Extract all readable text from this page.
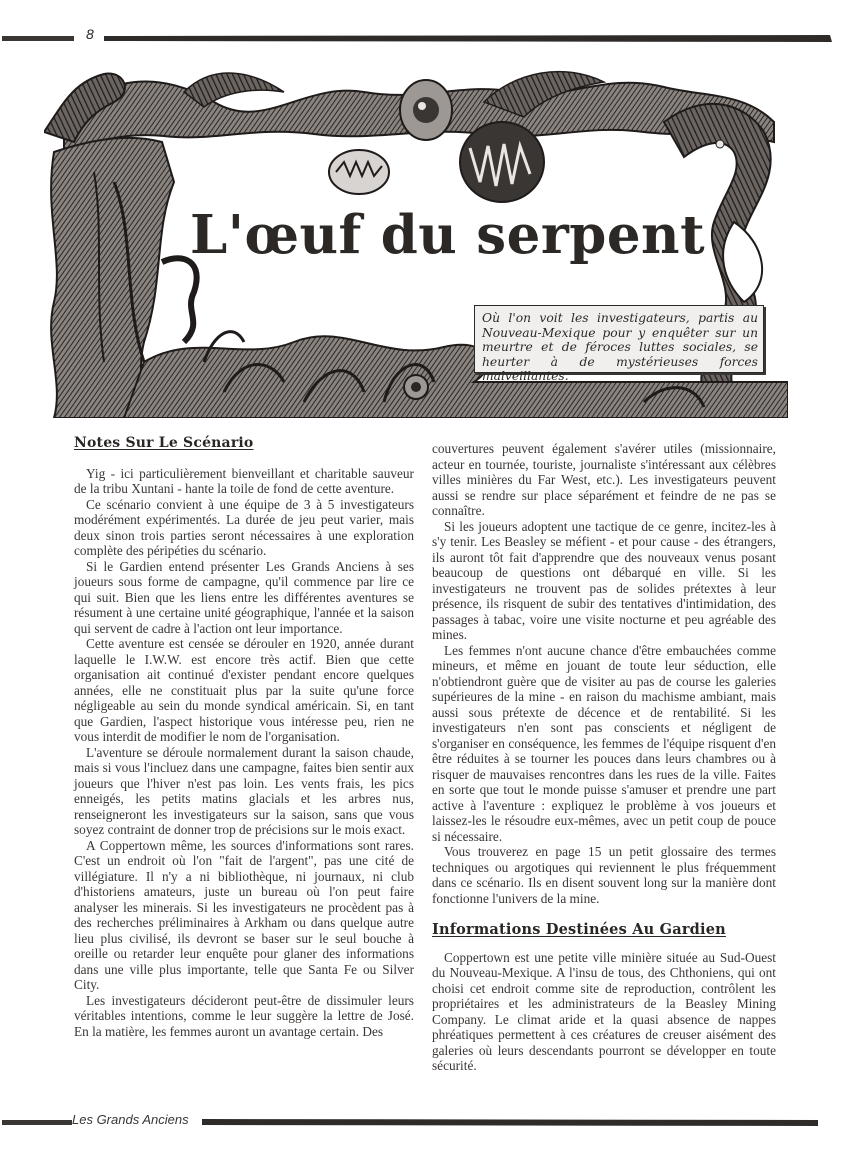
8
L'œuf du serpent
Où l'on voit les investigateurs, partis au Nouveau-Mexique pour y enquêter sur un meurtre et de féroces luttes sociales, se heurter à de mystérieuses forces malveillantes.
Notes Sur Le Scénario

Yig - ici particulièrement bienveillant et charitable sauveur de la tribu Xuntani - hante la toile de fond de cette aventure.

Ce scénario convient à une équipe de 3 à 5 investigateurs modérément expérimentés. La durée de jeu peut varier, mais deux sinon trois parties seront nécessaires à une exploration complète des péripéties du scénario.

Si le Gardien entend présenter Les Grands Anciens à ses joueurs sous forme de campagne, qu'il commence par lire ce qui suit. Bien que les liens entre les différentes aventures se résument à une certaine unité géographique, l'année et la saison qui servent de cadre à l'action ont leur importance.

Cette aventure est censée se dérouler en 1920, année durant laquelle le I.W.W. est encore très actif. Bien que cette organisation ait continué d'exister pendant encore quelques années, elle ne constituait plus par la suite qu'une force négligeable au sein du monde syndical américain. Si, en tant que Gardien, l'aspect historique vous intéresse peu, rien ne vous interdit de modifier le nom de l'organisation.

L'aventure se déroule normalement durant la saison chaude, mais si vous l'incluez dans une campagne, faites bien sentir aux joueurs que l'hiver n'est pas loin. Les vents frais, les pics enneigés, les petits matins glacials et les arbres nus, renseigneront les investigateurs sur la saison, sans que vous soyez contraint de donner trop de précisions sur le mois exact.

A Coppertown même, les sources d'informations sont rares. C'est un endroit où l'on "fait de l'argent", pas une cité de villégiature. Il n'y a ni bibliothèque, ni journaux, ni club d'historiens amateurs, juste un bureau où l'on peut faire analyser les minerais. Si les investigateurs ne procèdent pas à des recherches préliminaires à Arkham ou dans quelque autre lieu plus civilisé, ils devront se baser sur le seul bouche à oreille ou retarder leur enquête pour glaner des informations dans une ville plus importante, telle que Santa Fe ou Silver City.

Les investigateurs décideront peut-être de dissimuler leurs véritables intentions, comme le leur suggère la lettre de José. En la matière, les femmes auront un avantage certain. Des

couvertures peuvent également s'avérer utiles (missionnaire, acteur en tournée, touriste, journaliste s'intéressant aux célèbres villes minières du Far West, etc.). Les investigateurs peuvent aussi se rendre sur place séparément et feindre de ne pas se connaître.

Si les joueurs adoptent une tactique de ce genre, incitez-les à s'y tenir. Les Beasley se méfient - et pour cause - des étrangers, ils auront tôt fait d'apprendre que des nouveaux venus posant beaucoup de questions ont débarqué en ville. Si les investigateurs ne trouvent pas de solides prétextes à leur présence, ils risquent de subir des tentatives d'intimidation, des passages à tabac, voire une visite nocturne et peu agréable des mines.

Les femmes n'ont aucune chance d'être embauchées comme mineurs, et même en jouant de toute leur séduction, elle n'obtiendront guère que de visiter au pas de course les galeries supérieures de la mine - en raison du machisme ambiant, mais aussi sous prétexte de décence et de rentabilité. Si les investigateurs n'en sont pas conscients et négligent de s'organiser en conséquence, les femmes de l'équipe risquent d'en être réduites à se tourner les pouces dans leurs chambres ou à risquer de mauvaises rencontres dans les rues de la ville. Faites en sorte que tout le monde puisse s'amuser et prendre une part active à l'aventure : expliquez le problème à vos joueurs et laissez-les le résoudre eux-mêmes, avec un petit coup de pouce si nécessaire.

Vous trouverez en page 15 un petit glossaire des termes techniques ou argotiques qui reviennent le plus fréquemment dans ce scénario. Ils en disent souvent long sur la manière dont fonctionne l'univers de la mine.

Informations Destinées Au Gardien

Coppertown est une petite ville minière située au Sud-Ouest du Nouveau-Mexique. A l'insu de tous, des Chthoniens, qui ont choisi cet endroit comme site de reproduction, contrôlent les propriétaires et les administrateurs de la Beasley Mining Company. Le climat aride et la quasi absence de nappes phréatiques permettent à ces créatures de creuser aisément des galeries où leurs descendants pourront se développer en toute sécurité.

Les Grands Anciens
